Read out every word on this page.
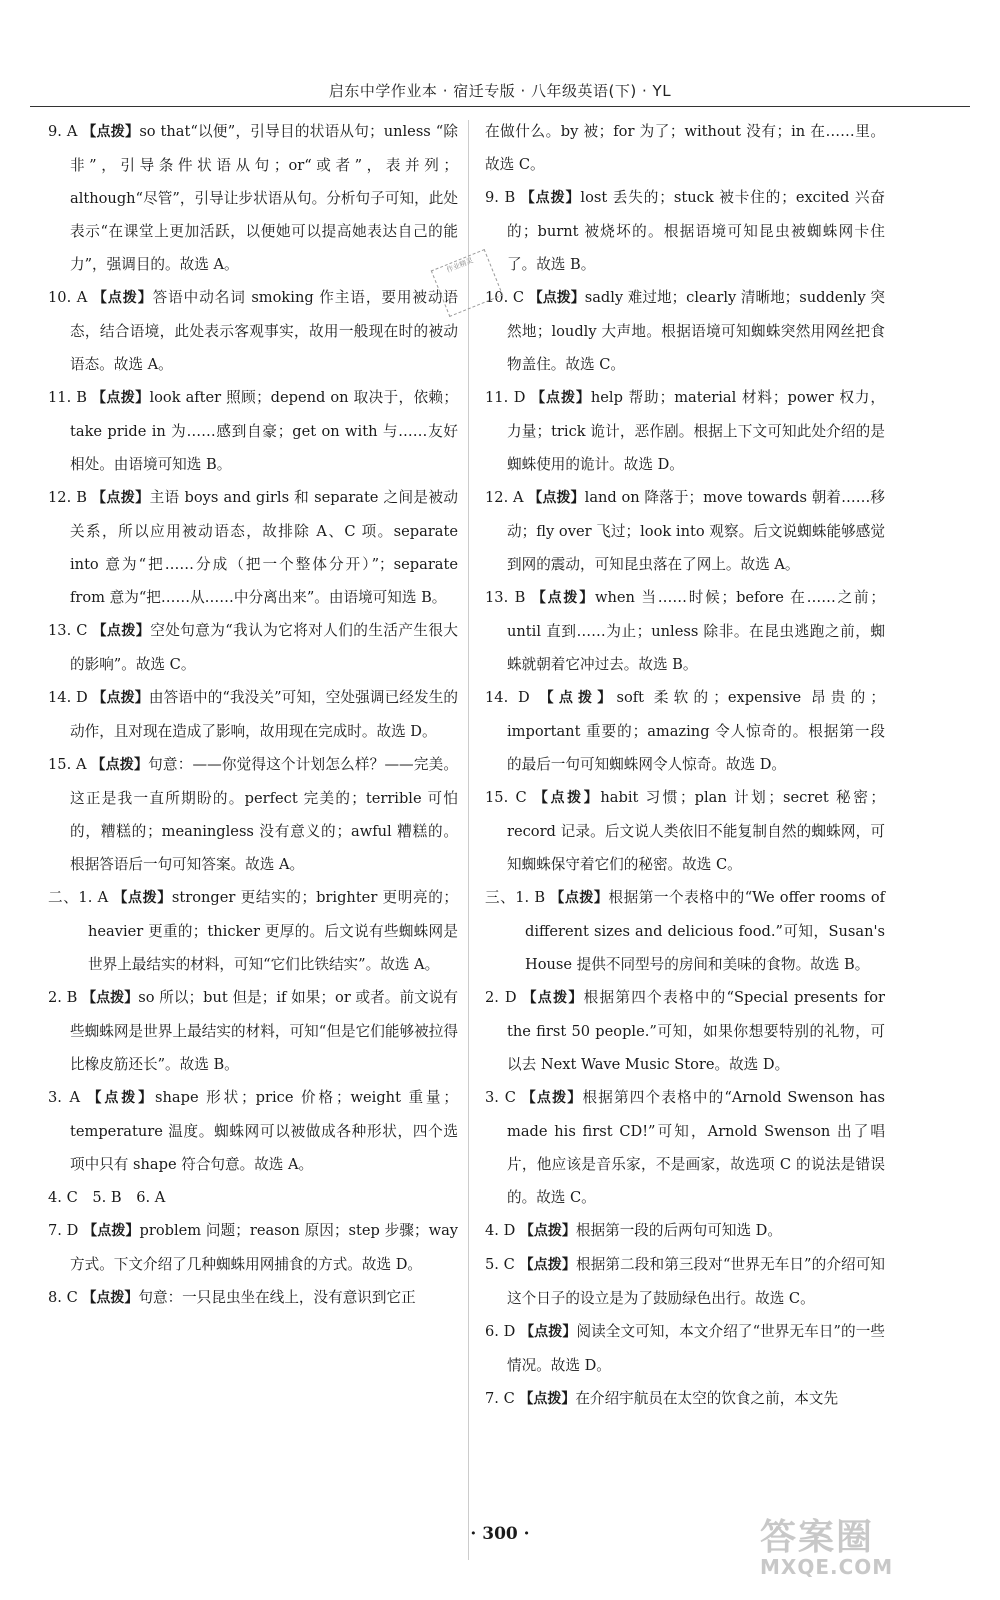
启东中学作业本 · 宿迁专版 · 八年级英语(下) · YL

9. A 【点拨】so that“以便”，引导目的状语从句；unless “除非”，引导条件状语从句；or“或者”，表并列；although“尽管”，引导让步状语从句。分析句子可知，此处表示“在课堂上更加活跃，以便她可以提高她表达自己的能力”，强调目的。故选 A。

10. A 【点拨】答语中动名词 smoking 作主语，要用被动语态，结合语境，此处表示客观事实，故用一般现在时的被动语态。故选 A。

11. B 【点拨】look after 照顾；depend on 取决于，依赖；take pride in 为……感到自豪；get on with 与……友好相处。由语境可知选 B。

12. B 【点拨】主语 boys and girls 和 separate 之间是被动关系，所以应用被动语态，故排除 A、C 项。separate into 意为“把……分成（把一个整体分开）”；separate from 意为“把……从……中分离出来”。由语境可知选 B。

13. C 【点拨】空处句意为“我认为它将对人们的生活产生很大的影响”。故选 C。

14. D 【点拨】由答语中的“我没关”可知，空处强调已经发生的动作，且对现在造成了影响，故用现在完成时。故选 D。

15. A 【点拨】句意：——你觉得这个计划怎么样？——完美。这正是我一直所期盼的。perfect 完美的；terrible 可怕的，糟糕的；meaningless 没有意义的；awful 糟糕的。根据答语后一句可知答案。故选 A。

二、1. A 【点拨】stronger 更结实的；brighter 更明亮的；heavier 更重的；thicker 更厚的。后文说有些蜘蛛网是世界上最结实的材料，可知“它们比铁结实”。故选 A。

2. B 【点拨】so 所以；but 但是；if 如果；or 或者。前文说有些蜘蛛网是世界上最结实的材料，可知“但是它们能够被拉得比橡皮筋还长”。故选 B。

3. A 【点拨】shape 形状；price 价格；weight 重量；temperature 温度。蜘蛛网可以被做成各种形状，四个选项中只有 shape 符合句意。故选 A。

4. C　5. B　6. A

7. D 【点拨】problem 问题；reason 原因；step 步骤；way 方式。下文介绍了几种蜘蛛用网捕食的方式。故选 D。

8. C 【点拨】句意：一只昆虫坐在线上，没有意识到它正

在做什么。by 被；for 为了；without 没有；in 在……里。故选 C。

9. B 【点拨】lost 丢失的；stuck 被卡住的；excited 兴奋的；burnt 被烧坏的。根据语境可知昆虫被蜘蛛网卡住了。故选 B。

10. C 【点拨】sadly 难过地；clearly 清晰地；suddenly 突然地；loudly 大声地。根据语境可知蜘蛛突然用网丝把食物盖住。故选 C。

11. D 【点拨】help 帮助；material 材料；power 权力，力量；trick 诡计，恶作剧。根据上下文可知此处介绍的是蜘蛛使用的诡计。故选 D。

12. A 【点拨】land on 降落于；move towards 朝着……移动；fly over 飞过；look into 观察。后文说蜘蛛能够感觉到网的震动，可知昆虫落在了网上。故选 A。

13. B 【点拨】when 当……时候；before 在……之前；until 直到……为止；unless 除非。在昆虫逃跑之前，蜘蛛就朝着它冲过去。故选 B。

14. D 【点拨】soft 柔软的；expensive 昂贵的；important 重要的；amazing 令人惊奇的。根据第一段的最后一句可知蜘蛛网令人惊奇。故选 D。

15. C 【点拨】habit 习惯；plan 计划；secret 秘密；record 记录。后文说人类依旧不能复制自然的蜘蛛网，可知蜘蛛保守着它们的秘密。故选 C。

三、1. B 【点拨】根据第一个表格中的“We offer rooms of different sizes and delicious food.”可知，Susan's House 提供不同型号的房间和美味的食物。故选 B。

2. D 【点拨】根据第四个表格中的“Special presents for the first 50 people.”可知，如果你想要特别的礼物，可以去 Next Wave Music Store。故选 D。

3. C 【点拨】根据第四个表格中的“Arnold Swenson has made his first CD!”可知，Arnold Swenson 出了唱片，他应该是音乐家，不是画家，故选项 C 的说法是错误的。故选 C。

4. D 【点拨】根据第一段的后两句可知选 D。

5. C 【点拨】根据第二段和第三段对“世界无车日”的介绍可知这个日子的设立是为了鼓励绿色出行。故选 C。

6. D 【点拨】阅读全文可知，本文介绍了“世界无车日”的一些情况。故选 D。

7. C 【点拨】在介绍宇航员在太空的饮食之前，本文先

作业精灵
· 300 ·	答案圈
MXQE.COM
